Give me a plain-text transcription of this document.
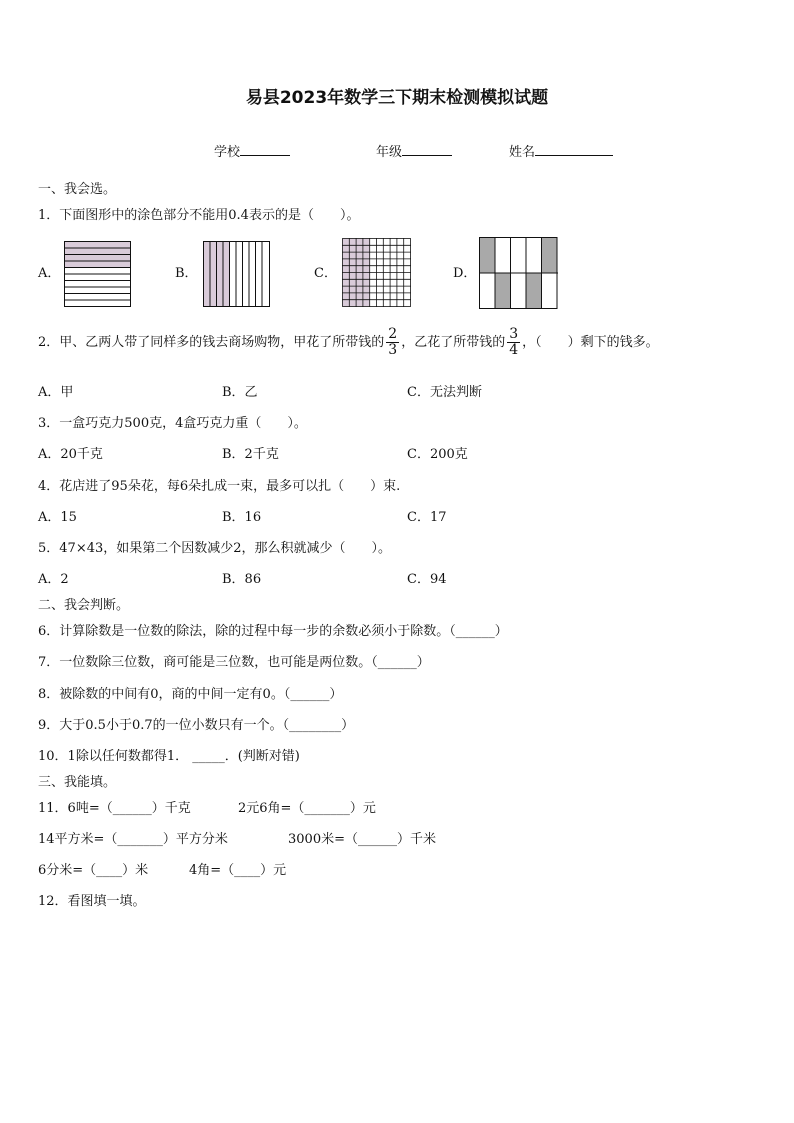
易县2023年数学三下期末检测模拟试题
学校	年级	姓名
一、我会选。
1．下面图形中的涂色部分不能用0.4表示的是（　　）。
A．	B．	C．	D．
2．甲、乙两人带了同样多的钱去商场购物，甲花了所带钱的 $\frac{2}{3}$ ，乙花了所带钱的 $\frac{3}{4}$ ，（　　）剩下的钱多。
A．甲	B．乙	C．无法判断
3．一盒巧克力500克，4盒巧克力重（　　）。
A．20千克	B．2千克	C．200克
4．花店进了95朵花，每6朵扎成一束，最多可以扎（　　）束.
A．15	B．16	C．17
5．47×43，如果第二个因数减少2，那么积就减少（　　）。
A．2	B．86	C．94
二、我会判断。
6．计算除数是一位数的除法，除的过程中每一步的余数必须小于除数。（______）
7．一位数除三位数，商可能是三位数，也可能是两位数。（______）
8．被除数的中间有0，商的中间一定有0。（______）
9．大于0.5小于0.7的一位小数只有一个。（________）
10．1除以任何数都得1． _____．(判断对错)
三、我能填。
11．6吨=（______）千克	2元6角=（_______）元
14平方米=（_______）平方分米	3000米=（______）千米
6分米=（____）米	4角=（____）元
12．看图填一填。
